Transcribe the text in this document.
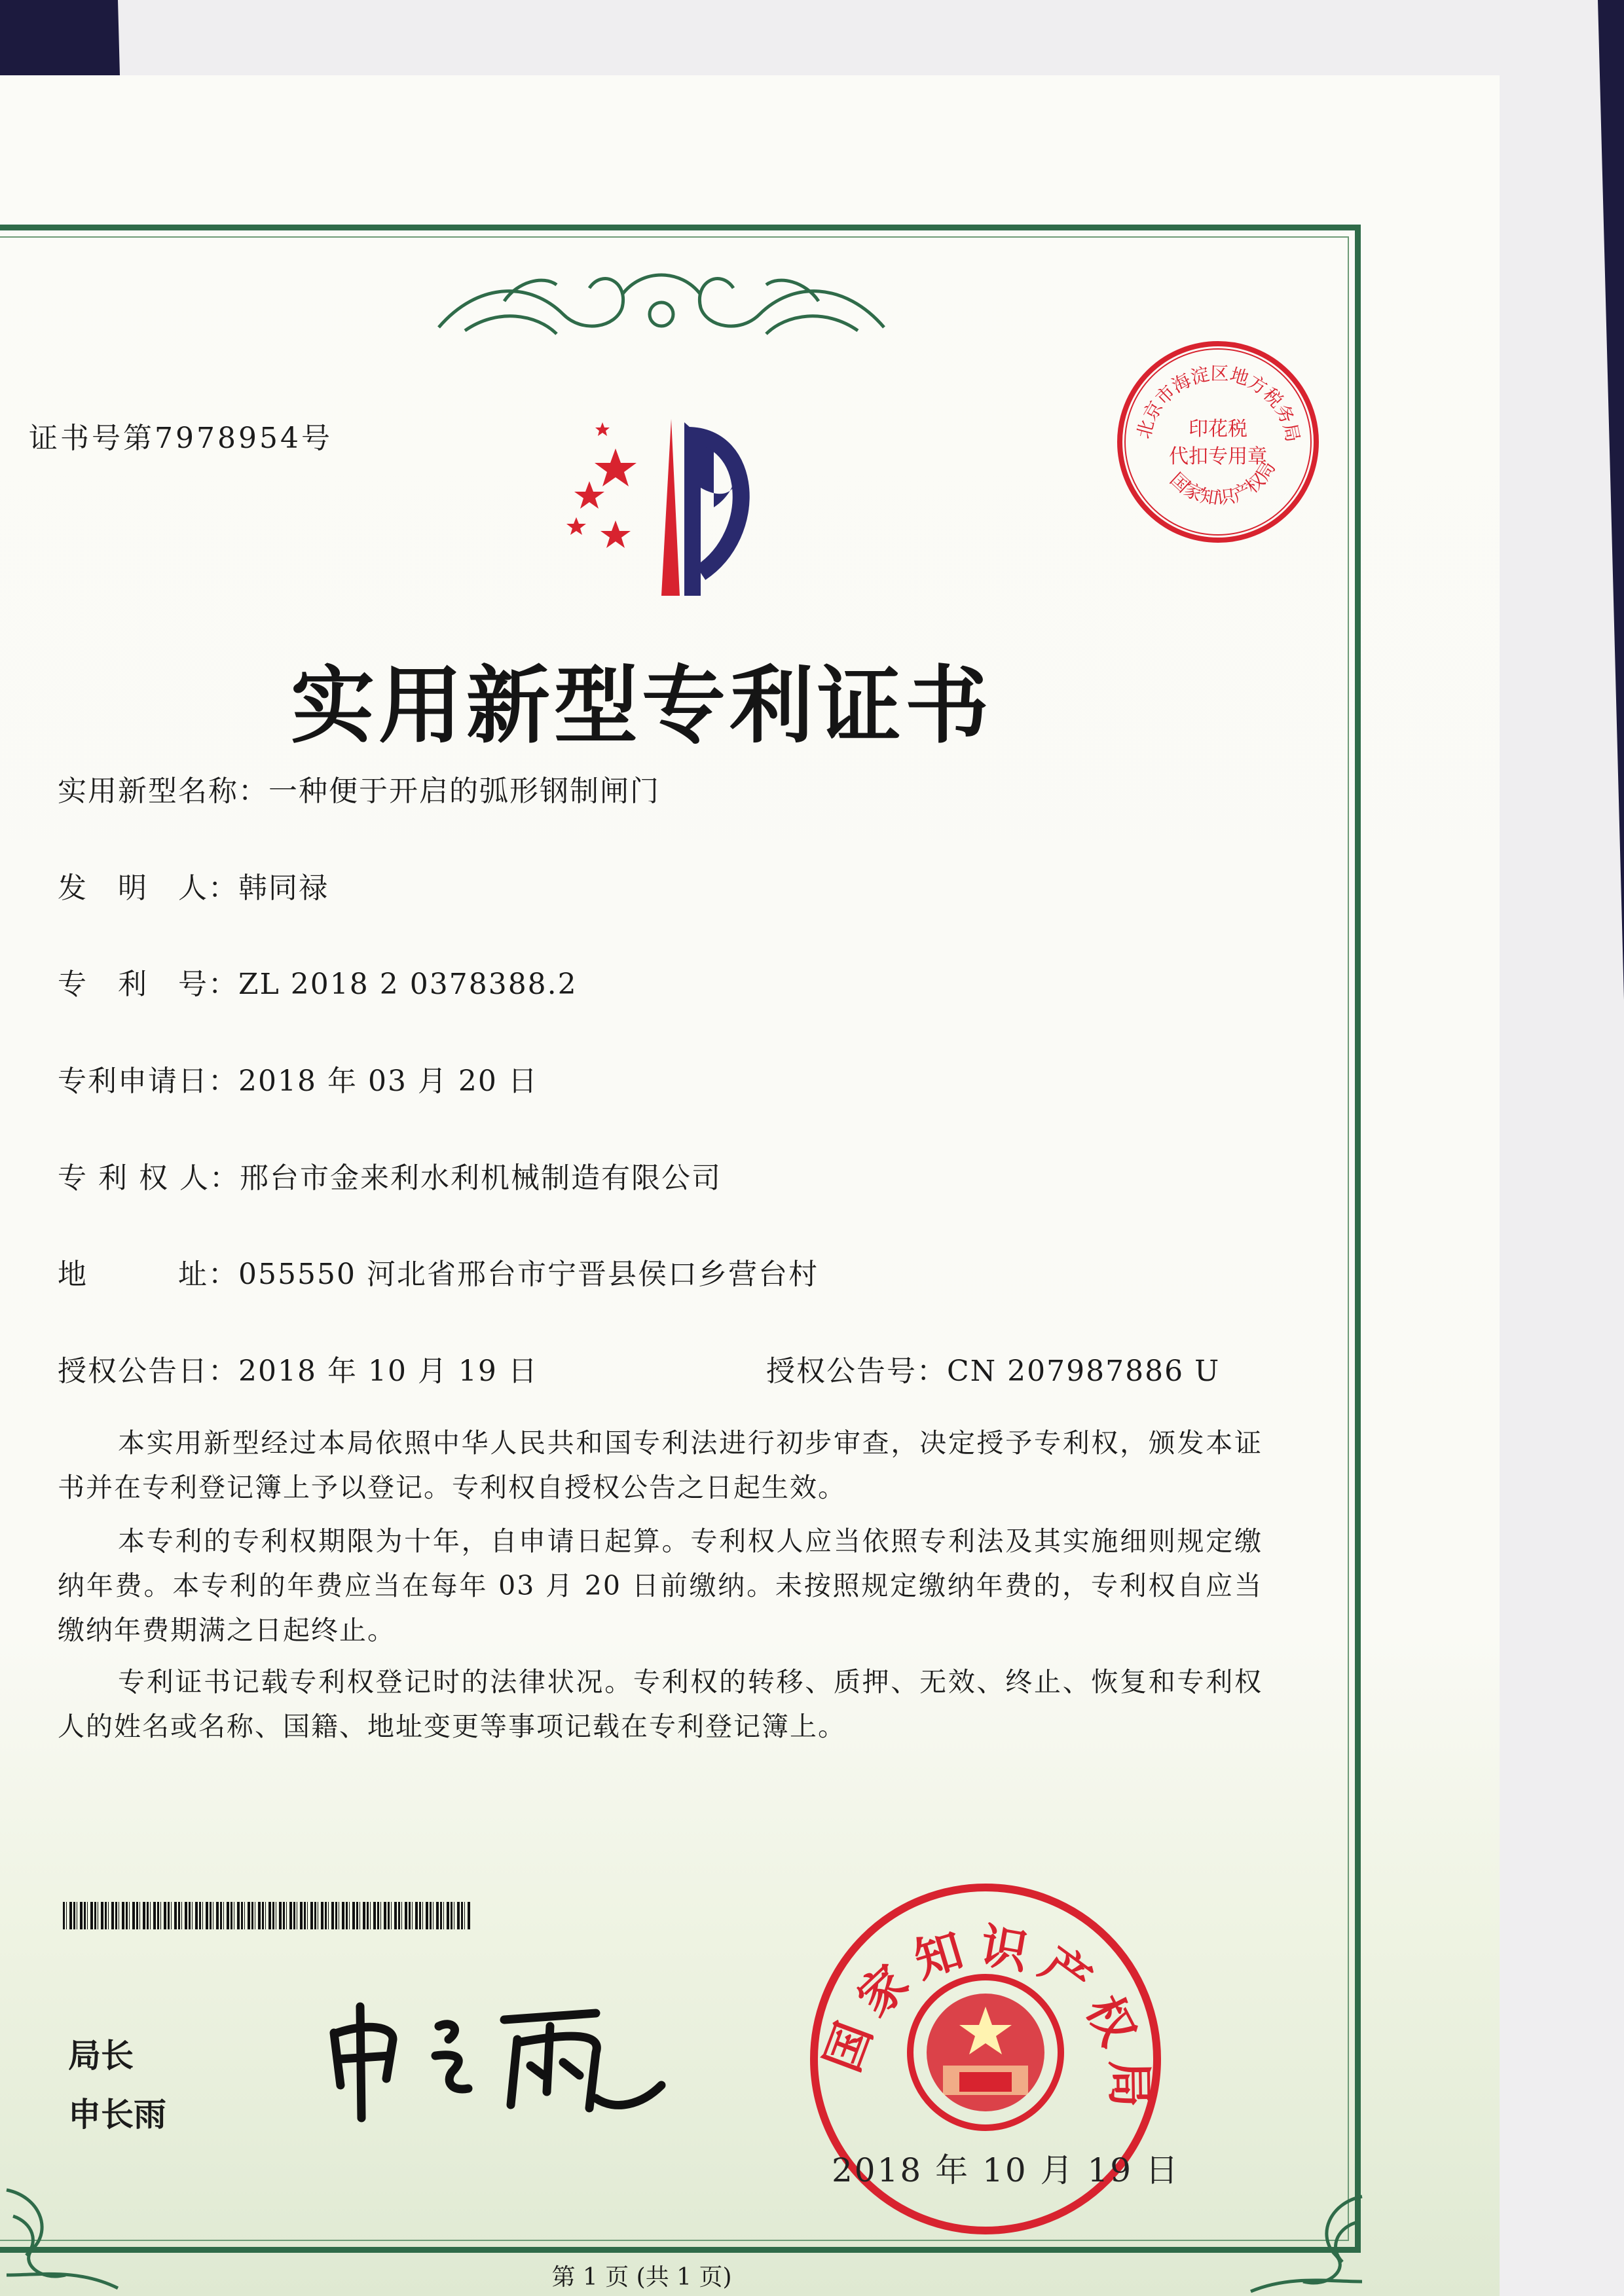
证书号第7978954号	北京市海淀区地方税务局
印花税
代扣专用章
国家知识产权局
实用新型专利证书
实用新型名称：一种便于开启的弧形钢制闸门
发　明　人：韩同禄
专　利　号：ZL 2018 2 0378388.2
专利申请日：2018 年 03 月 20 日
专 利 权 人：邢台市金来利水利机械制造有限公司
地　　　址：055550 河北省邢台市宁晋县侯口乡营台村
授权公告日：2018 年 10 月 19 日	授权公告号：CN 207987886 U
本实用新型经过本局依照中华人民共和国专利法进行初步审查，决定授予专利权，颁发本证书并在专利登记簿上予以登记。专利权自授权公告之日起生效。
本专利的专利权期限为十年，自申请日起算。专利权人应当依照专利法及其实施细则规定缴纳年费。本专利的年费应当在每年 03 月 20 日前缴纳。未按照规定缴纳年费的，专利权自应当缴纳年费期满之日起终止。
专利证书记载专利权登记时的法律状况。专利权的转移、质押、无效、终止、恢复和专利权人的姓名或名称、国籍、地址变更等事项记载在专利登记簿上。
局长
申长雨
国家知识产权局
2018 年 10 月 19 日
第 1 页 (共 1 页)
